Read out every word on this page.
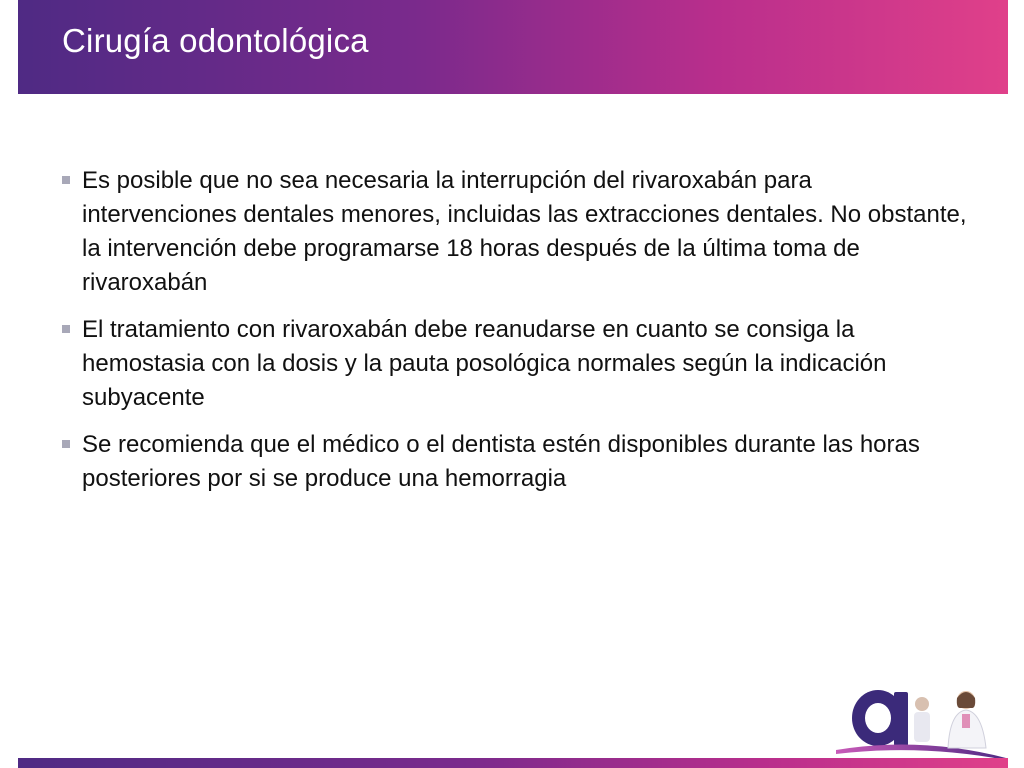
Cirugía odontológica
Es posible que no sea necesaria la interrupción del rivaroxabán para intervenciones dentales menores, incluidas las extracciones dentales. No obstante, la intervención debe programarse 18 horas después de la última toma de rivaroxabán
El tratamiento con rivaroxabán debe reanudarse en cuanto se consiga la hemostasia con la dosis y la pauta posológica normales según la indicación subyacente
Se recomienda que el médico o el dentista estén disponibles durante las horas posteriores por si se produce una hemorragia
